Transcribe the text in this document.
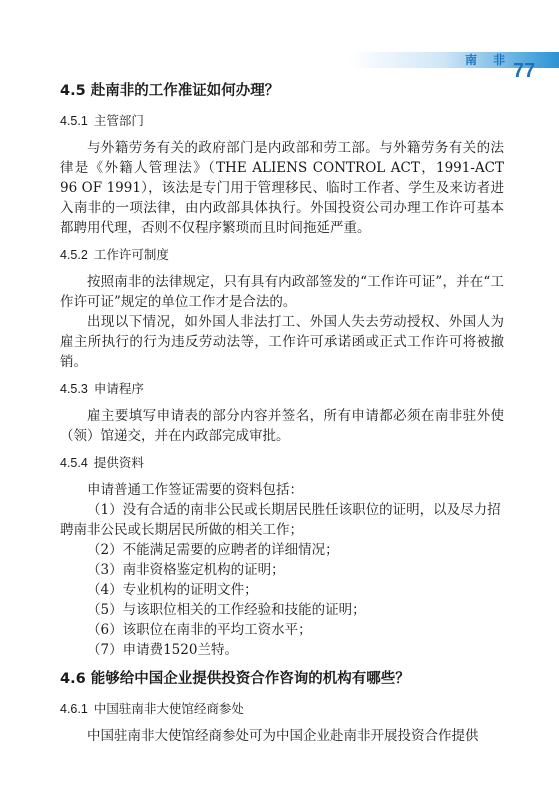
南 非 77
4.5 赴南非的工作准证如何办理？
4.5.1 主管部门

与外籍劳务有关的政府部门是内政部和劳工部。与外籍劳务有关的法律是《外籍人管理法》（THE ALIENS CONTROL ACT，1991-ACT 96 OF 1991），该法是专门用于管理移民、临时工作者、学生及来访者进入南非的一项法律，由内政部具体执行。外国投资公司办理工作许可基本都聘用代理，否则不仅程序繁琐而且时间拖延严重。

4.5.2 工作许可制度

按照南非的法律规定，只有具有内政部签发的“工作许可证”，并在“工作许可证”规定的单位工作才是合法的。

出现以下情况，如外国人非法打工、外国人失去劳动授权、外国人为雇主所执行的行为违反劳动法等，工作许可承诺函或正式工作许可将被撤销。

4.5.3 申请程序

雇主要填写申请表的部分内容并签名，所有申请都必须在南非驻外使（领）馆递交，并在内政部完成审批。

4.5.4 提供资料

申请普通工作签证需要的资料包括：

（1）没有合适的南非公民或长期居民胜任该职位的证明，以及尽力招聘南非公民或长期居民所做的相关工作；
（2）不能满足需要的应聘者的详细情况；
（3）南非资格鉴定机构的证明；
（4）专业机构的证明文件；
（5）与该职位相关的工作经验和技能的证明；
（6）该职位在南非的平均工资水平；
（7）申请费1520兰特。
4.6 能够给中国企业提供投资合作咨询的机构有哪些？
4.6.1 中国驻南非大使馆经商参处

中国驻南非大使馆经商参处可为中国企业赴南非开展投资合作提供
